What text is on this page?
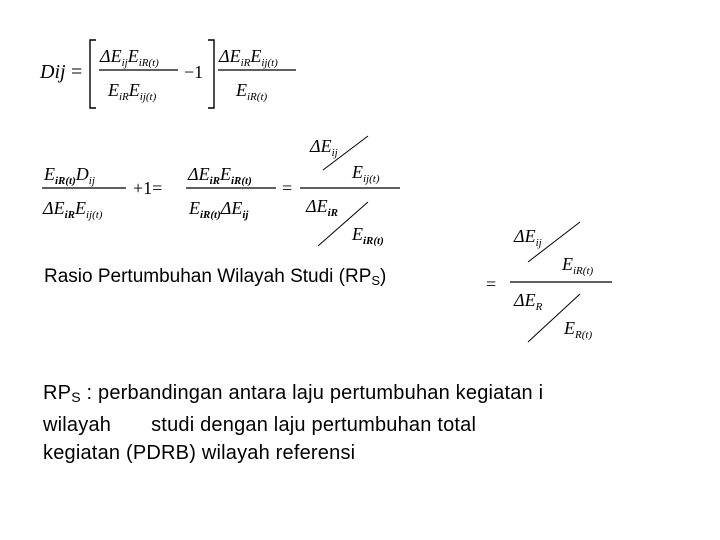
Dij =
$\Delta E_{ij}E_{iR(t)}$
$E_{iR}E_{ij(t)}$
−1
$\Delta E_{iR}E_{ij(t)}$
$E_{iR(t)}$
$E_{iR(t)}D_{ij}$
$\Delta E_{iR}E_{ij(t)}$
+1=
$\Delta E_{iR}E_{iR(t)}$
$E_{iR(t)}\Delta E_{ij}$
=
$\Delta E_{ij}$
$E_{ij(t)}$
$\Delta E_{iR}$
$E_{iR(t)}$
Rasio Pertumbuhan Wilayah Studi $(RP_S)$	=
$\Delta E_{ij}$
$E_{iR(t)}$
$\Delta E_R$
$E_{R(t)}$
$RP_S$ : perbandingan antara laju pertumbuhan kegiatan i
wilayah studi dengan laju pertumbuhan total
kegiatan (PDRB) wilayah referensi
